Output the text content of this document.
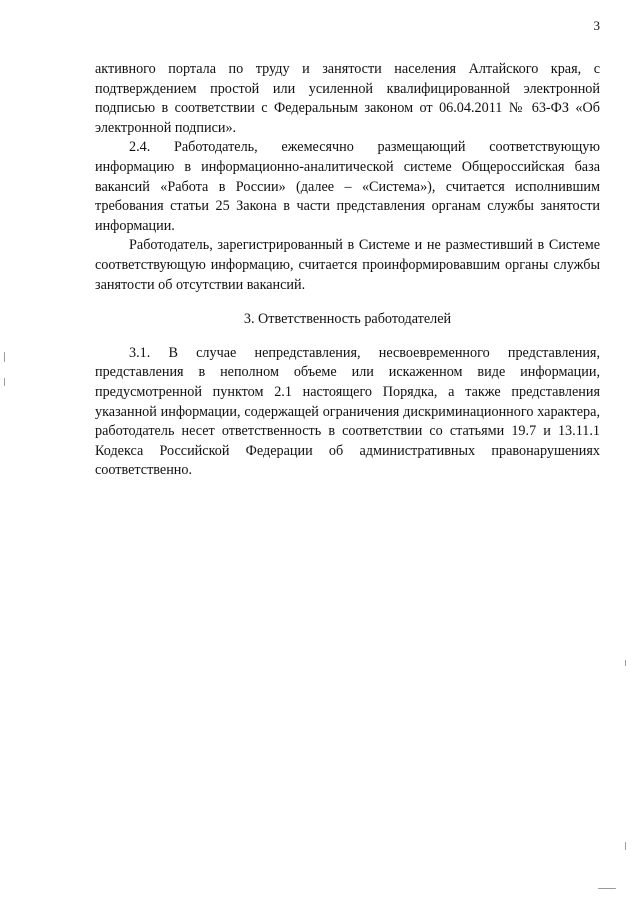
3

активного портала по труду и занятости населения Алтайского края, с подтверждением простой или усиленной квалифицированной электронной подписью в соответствии с Федеральным законом от 06.04.2011 № 63-ФЗ «Об электронной подписи».

2.4. Работодатель, ежемесячно размещающий соответствующую информацию в информационно-аналитической системе Общероссийская база вакансий «Работа в России» (далее – «Система»), считается исполнившим требования статьи 25 Закона в части представления органам службы занятости информации.

Работодатель, зарегистрированный в Системе и не разместивший в Системе соответствующую информацию, считается проинформировавшим органы службы занятости об отсутствии вакансий.

3. Ответственность работодателей

3.1. В случае непредставления, несвоевременного представления, представления в неполном объеме или искаженном виде информации, предусмотренной пунктом 2.1 настоящего Порядка, а также представления указанной информации, содержащей ограничения дискриминационного характера, работодатель несет ответственность в соответствии со статьями 19.7 и 13.11.1 Кодекса Российской Федерации об административных правонарушениях соответственно.
